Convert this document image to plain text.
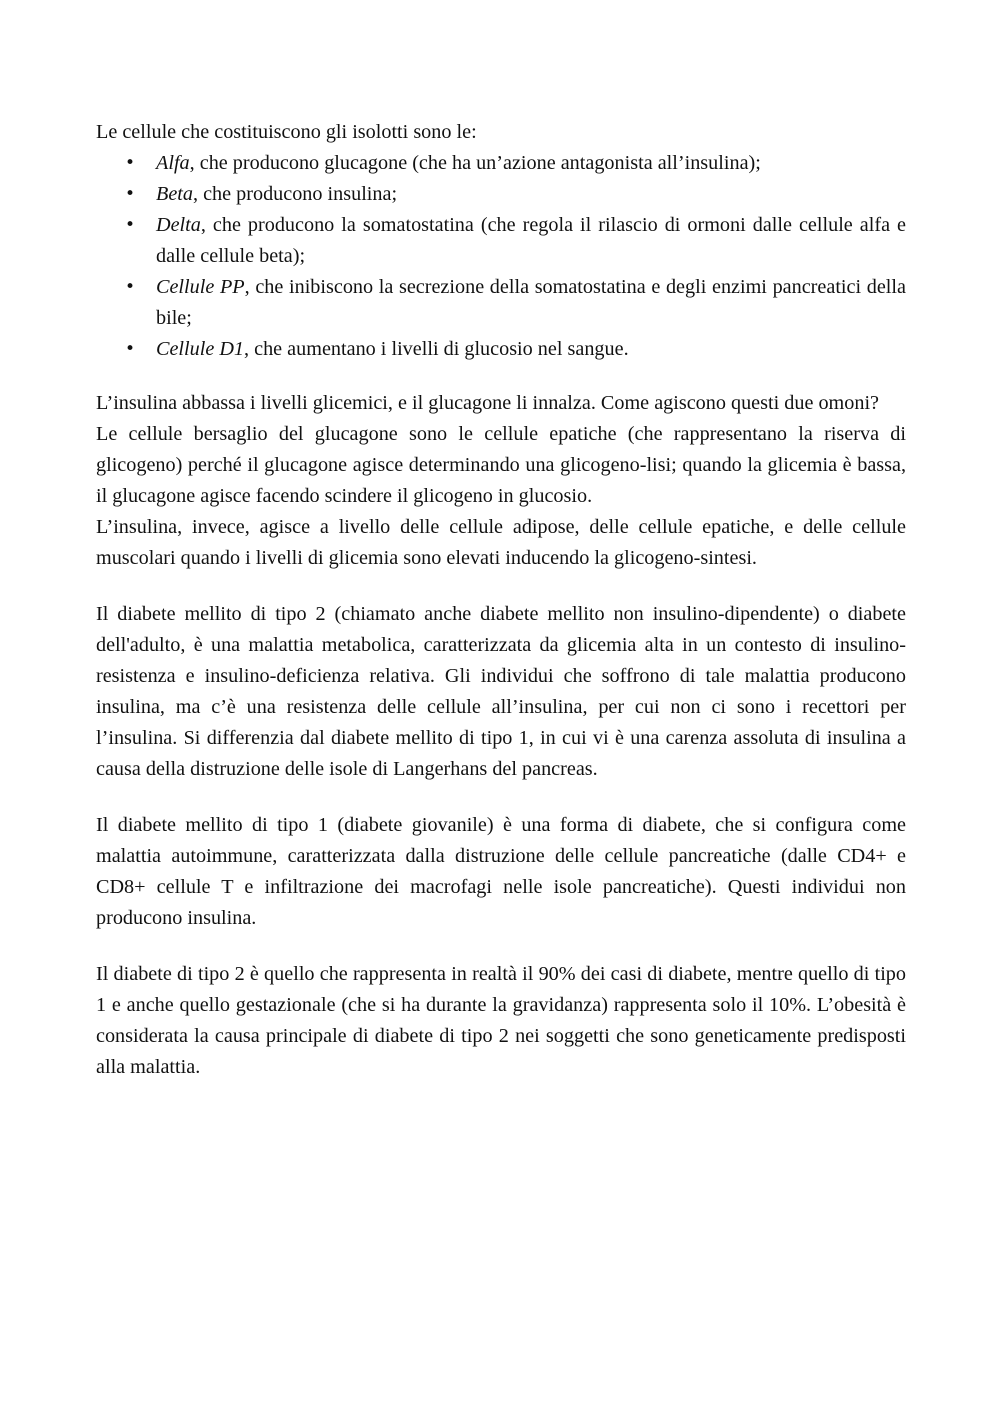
Le cellule che costituiscono gli isolotti sono le:

• Alfa, che producono glucagone (che ha un’azione antagonista all’insulina);
• Beta, che producono insulina;
• Delta, che producono la somatostatina (che regola il rilascio di ormoni dalle cellule alfa e dalle cellule beta);
• Cellule PP, che inibiscono la secrezione della somatostatina e degli enzimi pancreatici della bile;
• Cellule D1, che aumentano i livelli di glucosio nel sangue.

L’insulina abbassa i livelli glicemici, e il glucagone li innalza. Come agiscono questi due omoni?

Le cellule bersaglio del glucagone sono le cellule epatiche (che rappresentano la riserva di glicogeno) perché il glucagone agisce determinando una glicogeno-lisi; quando la glicemia è bassa, il glucagone agisce facendo scindere il glicogeno in glucosio.

L’insulina, invece, agisce a livello delle cellule adipose, delle cellule epatiche, e delle cellule muscolari quando i livelli di glicemia sono elevati inducendo la glicogeno-sintesi.

Il diabete mellito di tipo 2 (chiamato anche diabete mellito non insulino-dipendente) o diabete dell'adulto, è una malattia metabolica, caratterizzata da glicemia alta in un contesto di insulino-resistenza e insulino-deficienza relativa. Gli individui che soffrono di tale malattia producono insulina, ma c’è una resistenza delle cellule all’insulina, per cui non ci sono i recettori per l’insulina. Si differenzia dal diabete mellito di tipo 1, in cui vi è una carenza assoluta di insulina a causa della distruzione delle isole di Langerhans del pancreas.

Il diabete mellito di tipo 1 (diabete giovanile) è una forma di diabete, che si configura come malattia autoimmune, caratterizzata dalla distruzione delle cellule pancreatiche (dalle CD4+ e CD8+ cellule T e infiltrazione dei macrofagi nelle isole pancreatiche). Questi individui non producono insulina.

Il diabete di tipo 2 è quello che rappresenta in realtà il 90% dei casi di diabete, mentre quello di tipo 1 e anche quello gestazionale (che si ha durante la gravidanza) rappresenta solo il 10%. L’obesità è considerata la causa principale di diabete di tipo 2 nei soggetti che sono geneticamente predisposti alla malattia.
